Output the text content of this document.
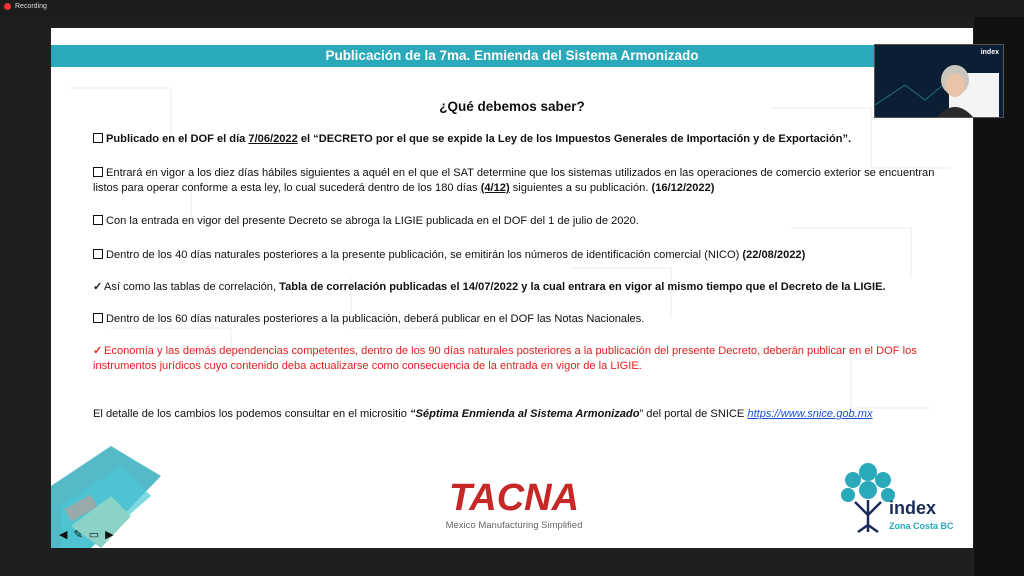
Recording
Publicación de la 7ma. Enmienda del Sistema Armonizado
¿Qué debemos saber?
Publicado en el DOF el día 7/06/2022 el “DECRETO por el que se expide la Ley de los Impuestos Generales de Importación y de Exportación”.
Entrará en vigor a los diez días hábiles siguientes a aquél en el que el SAT determine que los sistemas utilizados en las operaciones de comercio exterior se encuentran listos para operar conforme a esta ley, lo cual sucederá dentro de los 180 días (4/12) siguientes a su publicación. (16/12/2022)
Con la entrada en vigor del presente Decreto se abroga la LIGIE publicada en el DOF del 1 de julio de 2020.
Dentro de los 40 días naturales posteriores a la presente publicación, se emitirán los números de identificación comercial (NICO) (22/08/2022)
✓ Así como las tablas de correlación, Tabla de correlación publicadas el 14/07/2022 y la cual entrara en vigor al mismo tiempo que el Decreto de la LIGIE.
Dentro de los 60 días naturales posteriores a la publicación, deberá publicar en el DOF las Notas Nacionales.
✓ Economía y las demás dependencias competentes, dentro de los 90 días naturales posteriores a la publicación del presente Decreto, deberán publicar en el DOF los instrumentos jurídicos cuyo contenido deba actualizarse como consecuencia de la entrada en vigor de la LIGIE.
El detalle de los cambios los podemos consultar en el micrositio “Séptima Enmienda al Sistema Armonizado” del portal de SNICE https://www.snice.gob.mx
◀ ✎ ▭ ▶
TACNA
Mexico Manufacturing Simplified
index
Zona Costa BC
index
